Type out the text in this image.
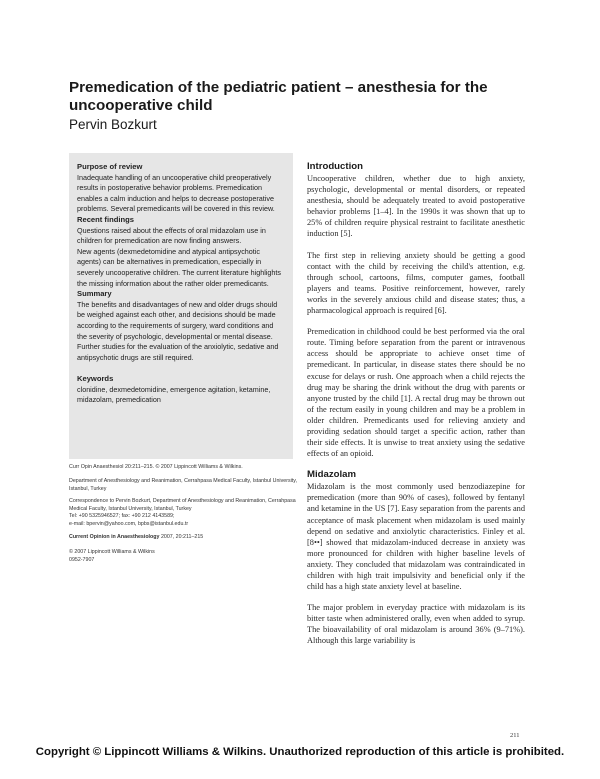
Premedication of the pediatric patient – anesthesia for the uncooperative child
Pervin Bozkurt

Purpose of review

Inadequate handling of an uncooperative child preoperatively results in postoperative behavior problems. Premedication enables a calm induction and helps to decrease postoperative problems. Several premedicants will be covered in this review.

Recent findings

Questions raised about the effects of oral midazolam use in children for premedication are now finding answers.

New agents (dexmedetomidine and atypical antipsychotic agents) can be alternatives in premedication, especially in severely uncooperative children. The current literature highlights the missing information about the rather older premedicants.

Summary

The benefits and disadvantages of new and older drugs should be weighed against each other, and decisions should be made according to the requirements of surgery, ward conditions and the severity of psychologic, developmental or mental disease. Further studies for the evaluation of the anxiolytic, sedative and antipsychotic drugs are still required.

Keywords

clonidine, dexmedetomidine, emergence agitation, ketamine, midazolam, premedication

Curr Opin Anaesthesiol 20:211–215. © 2007 Lippincott Williams & Wilkins.
Department of Anesthesiology and Reanimation, Cerrahpasa Medical Faculty, Istanbul University, Istanbul, Turkey
Correspondence to Pervin Bozkurt, Department of Anesthesiology and Reanimation, Cerrahpasa Medical Faculty, Istanbul University, Istanbul, Turkey
Tel: +90 5325946527; fax: +90 212 4143589;
e-mail: bpervin@yahoo.com, bpbs@istanbul.edu.tr
Current Opinion in Anaesthesiology 2007, 20:211–215
© 2007 Lippincott Williams & Wilkins
0952-7907
Introduction

Uncooperative children, whether due to high anxiety, psychologic, developmental or mental disorders, or repeated anesthesia, should be adequately treated to avoid postoperative behavior problems [1–4]. In the 1990s it was shown that up to 25% of children require physical restraint to facilitate anesthetic induction [5].

The first step in relieving anxiety should be getting a good contact with the child by receiving the child's attention, e.g. through school, cartoons, films, computer games, football players and teams. Positive reinforcement, however, rarely works in the severely anxious child and disease states; thus, a pharmacological approach is required [6].

Premedication in childhood could be best performed via the oral route. Timing before separation from the parent or intravenous access should be appropriate to achieve onset time of premedicant. In particular, in disease states there should be no excuse for delays or rush. One approach when a child rejects the drug may be sharing the drink without the drug with parents or anyone trusted by the child [1]. A rectal drug may be thrown out of the rectum easily in young children and may be a problem in older children. Premedicants used for relieving anxiety and providing sedation should target a specific action, rather than their side effects. It is unwise to treat anxiety using the sedative effects of an opioid.

Midazolam

Midazolam is the most commonly used benzodiazepine for premedication (more than 90% of cases), followed by fentanyl and ketamine in the US [7]. Easy separation from the parents and acceptance of mask placement when midazolam is used mainly depend on sedative and anxiolytic characteristics. Finley et al. [8••] showed that midazolam-induced decrease in anxiety was more pronounced for children with higher baseline levels of anxiety. They concluded that midazolam was contraindicated in children with high trait impulsivity and beneficial only if the child has a high state anxiety level at baseline.

The major problem in everyday practice with midazolam is its bitter taste when administered orally, even when added to syrup. The bioavailability of oral midazolam is around 36% (9–71%). Although this large variability is

211
Copyright © Lippincott Williams & Wilkins. Unauthorized reproduction of this article is prohibited.
